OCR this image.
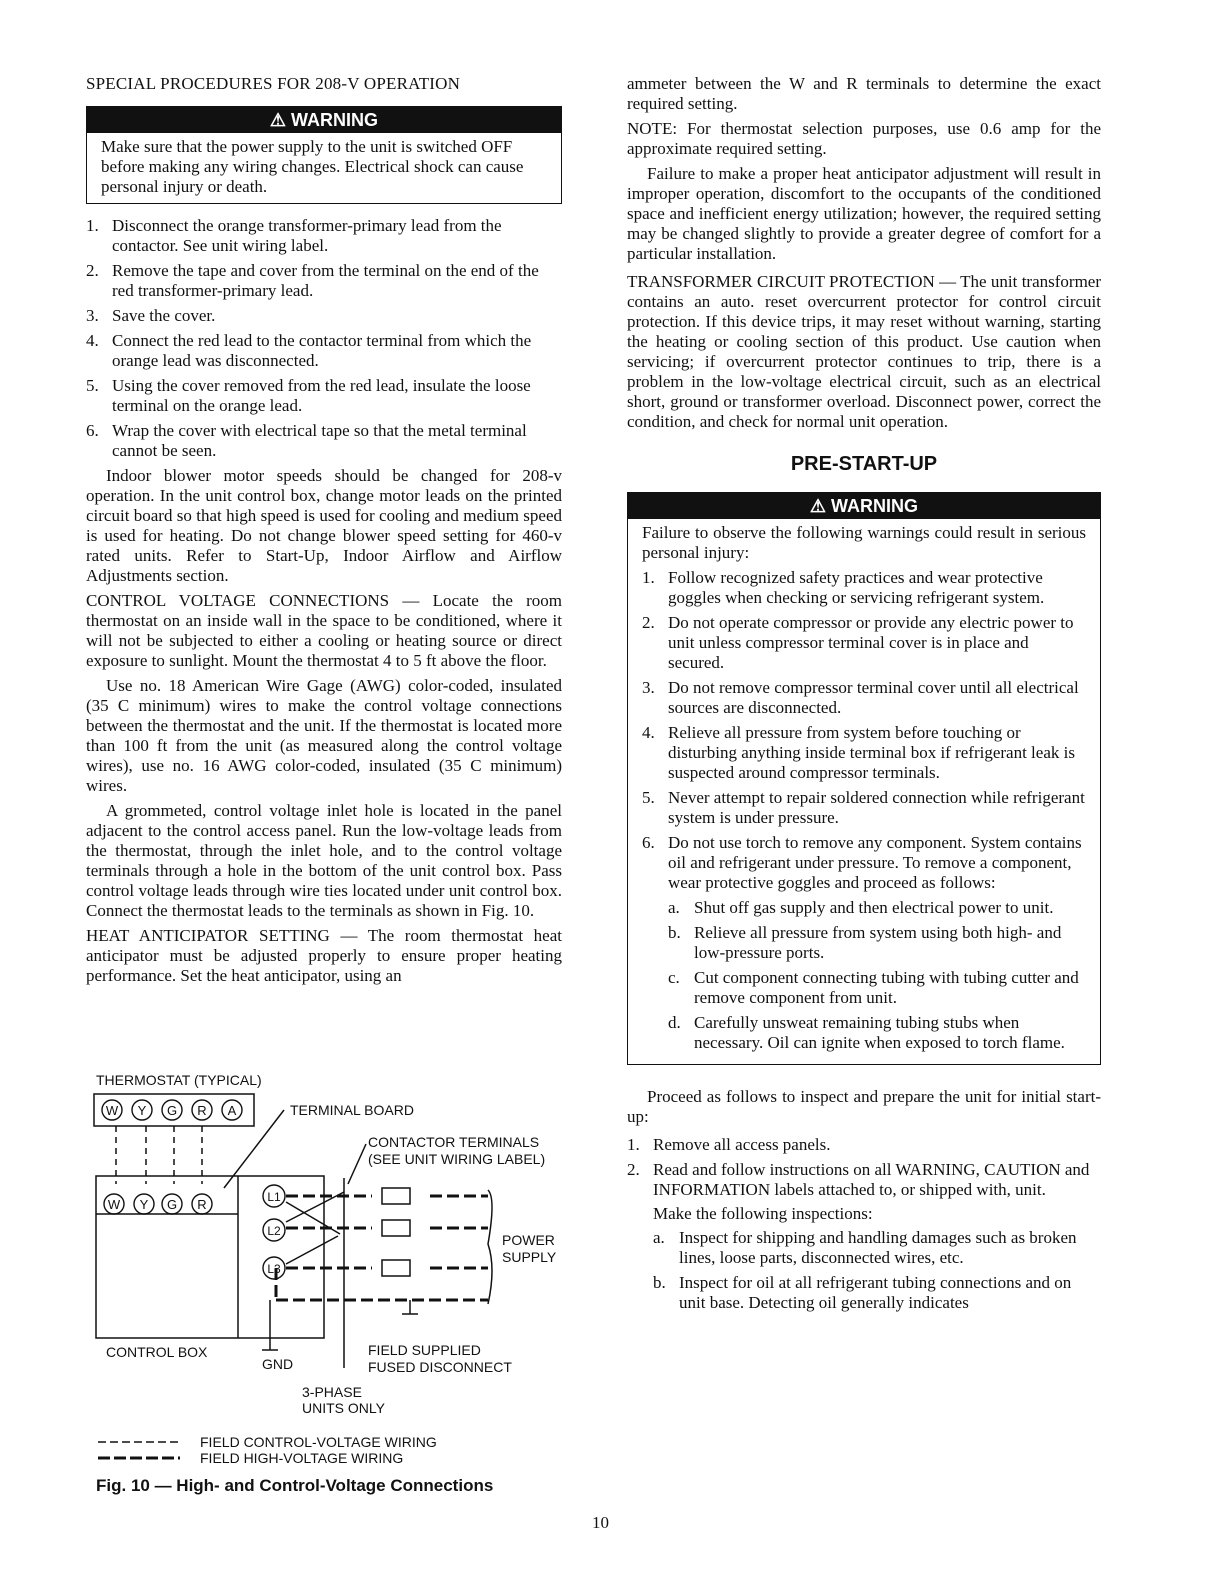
SPECIAL PROCEDURES FOR 208-V OPERATION
⚠ WARNING
Make sure that the power supply to the unit is switched OFF before making any wiring changes. Electrical shock can cause personal injury or death.
1. Disconnect the orange transformer-primary lead from the contactor. See unit wiring label.
2. Remove the tape and cover from the terminal on the end of the red transformer-primary lead.
3. Save the cover.
4. Connect the red lead to the contactor terminal from which the orange lead was disconnected.
5. Using the cover removed from the red lead, insulate the loose terminal on the orange lead.
6. Wrap the cover with electrical tape so that the metal terminal cannot be seen.

Indoor blower motor speeds should be changed for 208-v operation. In the unit control box, change motor leads on the printed circuit board so that high speed is used for cooling and medium speed is used for heating. Do not change blower speed setting for 460-v rated units. Refer to Start-Up, Indoor Airflow and Airflow Adjustments section.

CONTROL VOLTAGE CONNECTIONS — Locate the room thermostat on an inside wall in the space to be conditioned, where it will not be subjected to either a cooling or heating source or direct exposure to sunlight. Mount the thermostat 4 to 5 ft above the floor.

Use no. 18 American Wire Gage (AWG) color-coded, insulated (35 C minimum) wires to make the control voltage connections between the thermostat and the unit. If the thermostat is located more than 100 ft from the unit (as measured along the control voltage wires), use no. 16 AWG color-coded, insulated (35 C minimum) wires.

A grommeted, control voltage inlet hole is located in the panel adjacent to the control access panel. Run the low-voltage leads from the thermostat, through the inlet hole, and to the control voltage terminals through a hole in the bottom of the unit control box. Pass control voltage leads through wire ties located under unit control box. Connect the thermostat leads to the terminals as shown in Fig. 10.

HEAT ANTICIPATOR SETTING — The room thermostat heat anticipator must be adjusted properly to ensure proper heating performance. Set the heat anticipator, using an

W Y G R A
W Y G R	L1
L2
L3
THERMOSTAT (TYPICAL)
TERMINAL BOARD
CONTACTOR TERMINALS
(SEE UNIT WIRING LABEL)
POWER
SUPPLY
CONTROL BOX
GND
FIELD SUPPLIED
FUSED DISCONNECT
3-PHASE
UNITS ONLY
FIELD CONTROL-VOLTAGE WIRING
FIELD HIGH-VOLTAGE WIRING
Fig. 10 — High- and Control-Voltage Connections

ammeter between the W and R terminals to determine the exact required setting.

NOTE: For thermostat selection purposes, use 0.6 amp for the approximate required setting.

Failure to make a proper heat anticipator adjustment will result in improper operation, discomfort to the occupants of the conditioned space and inefficient energy utilization; however, the required setting may be changed slightly to provide a greater degree of comfort for a particular installation.

TRANSFORMER CIRCUIT PROTECTION — The unit transformer contains an auto. reset overcurrent protector for control circuit protection. If this device trips, it may reset without warning, starting the heating or cooling section of this product. Use caution when servicing; if overcurrent protector continues to trip, there is a problem in the low-voltage electrical circuit, such as an electrical short, ground or transformer overload. Disconnect power, correct the condition, and check for normal unit operation.

PRE-START-UP
⚠ WARNING

Failure to observe the following warnings could result in serious personal injury:

1. Follow recognized safety practices and wear protective goggles when checking or servicing refrigerant system.
2. Do not operate compressor or provide any electric power to unit unless compressor terminal cover is in place and secured.
3. Do not remove compressor terminal cover until all electrical sources are disconnected.
4. Relieve all pressure from system before touching or disturbing anything inside terminal box if refrigerant leak is suspected around compressor terminals.
5. Never attempt to repair soldered connection while refrigerant system is under pressure.
6. Do not use torch to remove any component. System contains oil and refrigerant under pressure. To remove a component, wear protective goggles and proceed as follows:
a. Shut off gas supply and then electrical power to unit.
b. Relieve all pressure from system using both high- and low-pressure ports.
c. Cut component connecting tubing with tubing cutter and remove component from unit.
d. Carefully unsweat remaining tubing stubs when necessary. Oil can ignite when exposed to torch flame.

Proceed as follows to inspect and prepare the unit for initial start-up:

1. Remove all access panels.
2. Read and follow instructions on all WARNING, CAUTION and INFORMATION labels attached to, or shipped with, unit.
Make the following inspections:
a. Inspect for shipping and handling damages such as broken lines, loose parts, disconnected wires, etc.
b. Inspect for oil at all refrigerant tubing connections and on unit base. Detecting oil generally indicates
10
